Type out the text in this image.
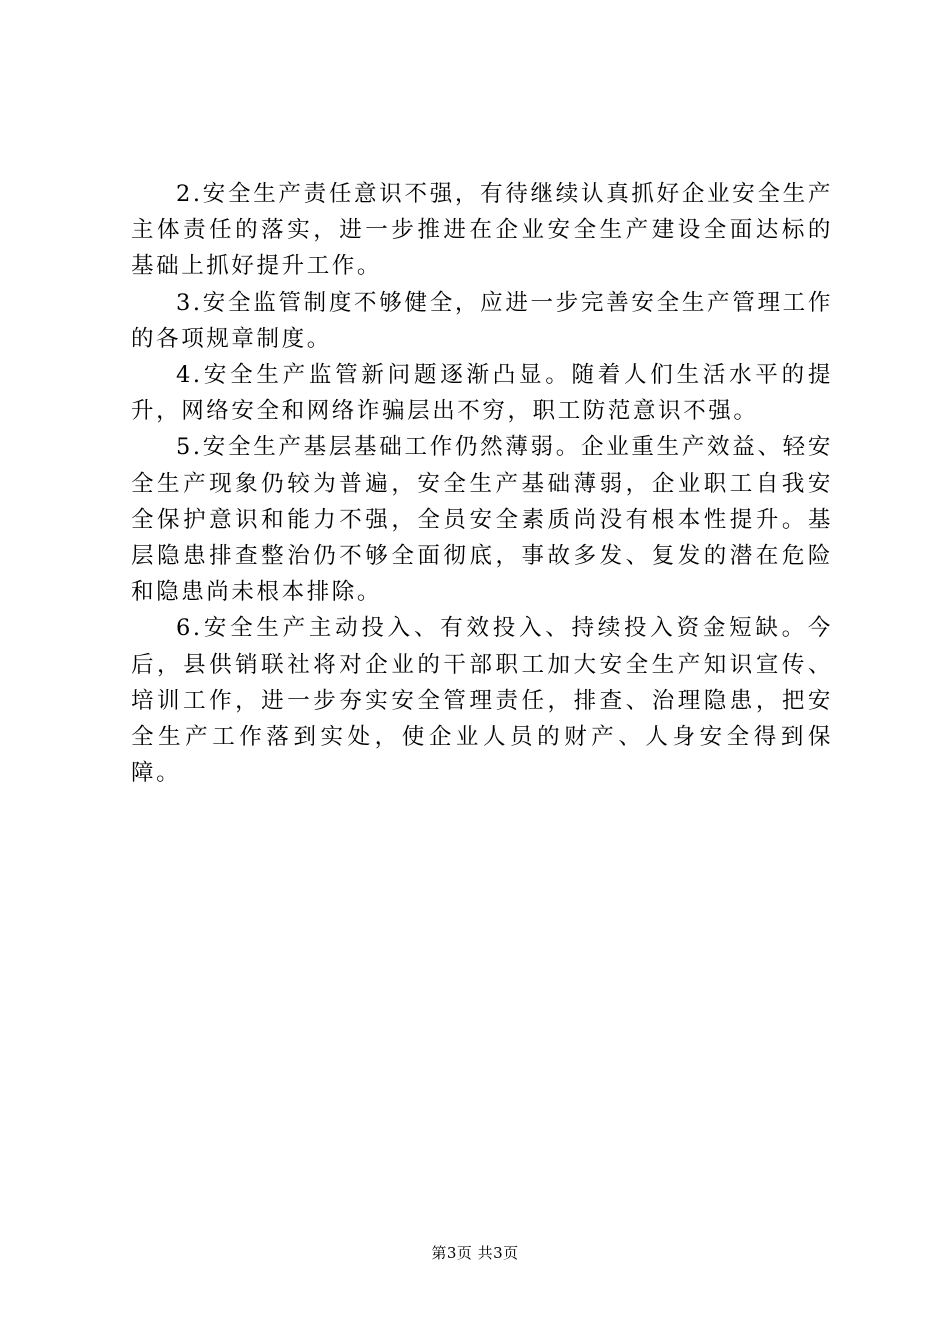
2.安全生产责任意识不强，有待继续认真抓好企业安全生产主体责任的落实，进一步推进在企业安全生产建设全面达标的基础上抓好提升工作。

3.安全监管制度不够健全，应进一步完善安全生产管理工作的各项规章制度。

4.安全生产监管新问题逐渐凸显。随着人们生活水平的提升，网络安全和网络诈骗层出不穷，职工防范意识不强。

5.安全生产基层基础工作仍然薄弱。企业重生产效益、轻安全生产现象仍较为普遍，安全生产基础薄弱，企业职工自我安全保护意识和能力不强，全员安全素质尚没有根本性提升。基层隐患排查整治仍不够全面彻底，事故多发、复发的潜在危险和隐患尚未根本排除。

6.安全生产主动投入、有效投入、持续投入资金短缺。今后，县供销联社将对企业的干部职工加大安全生产知识宣传、培训工作，进一步夯实安全管理责任，排查、治理隐患，把安全生产工作落到实处，使企业人员的财产、人身安全得到保障。

第3页 共3页
